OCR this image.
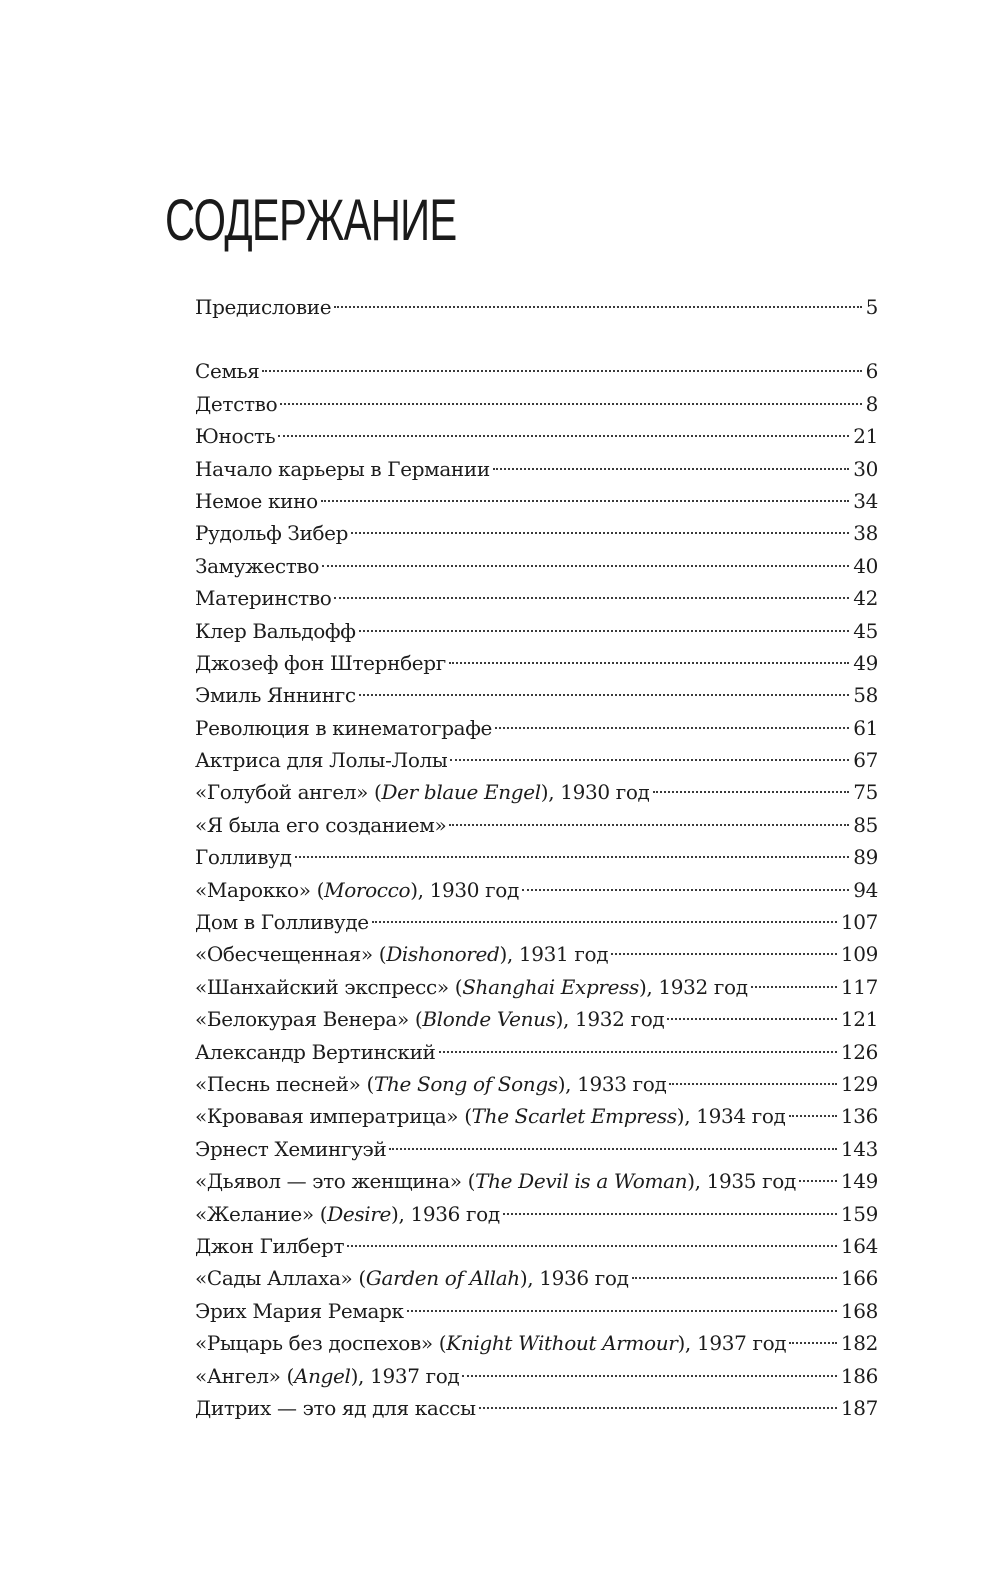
СОДЕРЖАНИЕ
Предисловие	5
Семья	6
Детство	8
Юность	21
Начало карьеры в Германии	30
Немое кино	34
Рудольф Зибер	38
Замужество	40
Материнство	42
Клер Вальдофф	45
Джозеф фон Штернберг	49
Эмиль Яннингс	58
Революция в кинематографе	61
Актриса для Лолы-Лолы	67
«Голубой ангел» (Der blaue Engel), 1930 год	75
«Я была его созданием»	85
Голливуд	89
«Марокко» (Morocco), 1930 год	94
Дом в Голливуде	107
«Обесчещенная» (Dishonored), 1931 год	109
«Шанхайский экспресс» (Shanghai Express), 1932 год	117
«Белокурая Венера» (Blonde Venus), 1932 год	121
Александр Вертинский	126
«Песнь песней» (The Song of Songs), 1933 год	129
«Кровавая императрица» (The Scarlet Empress), 1934 год	136
Эрнест Хемингуэй	143
«Дьявол — это женщина» (The Devil is a Woman), 1935 год 149
«Желание» (Desire), 1936 год	159
Джон Гилберт	164
«Сады Аллаха» (Garden of Allah), 1936 год	166
Эрих Мария Ремарк	168
«Рыцарь без доспехов» (Knight Without Armour), 1937 год	182
«Ангел» (Angel), 1937 год	186
Дитрих — это яд для кассы	187
